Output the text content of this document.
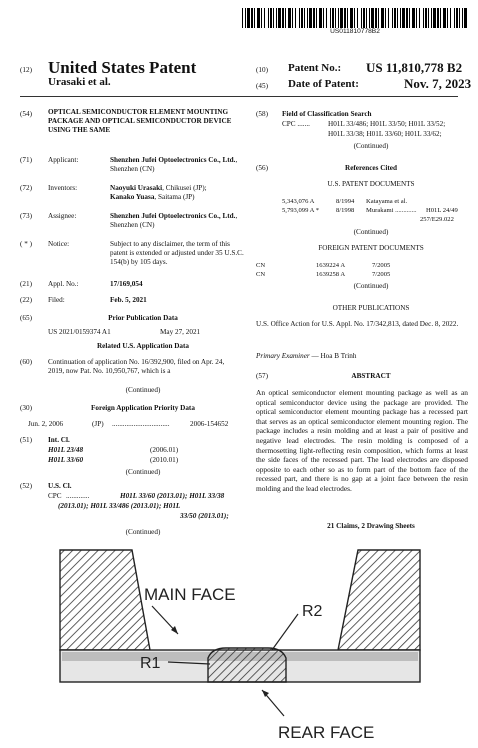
US011810778B2
(12) United States Patent
Urasaki et al.
(10) Patent No.: US 11,810,778 B2
(45) Date of Patent:	Nov. 7, 2023
(54) OPTICAL SEMICONDUCTOR ELEMENT MOUNTING PACKAGE AND OPTICAL SEMICONDUCTOR DEVICE USING THE SAME
(71) Applicant:	Shenzhen Jufei Optoelectronics Co., Ltd., Shenzhen (CN)
(72) Inventors:	Naoyuki Urasaki, Chikusei (JP);
Kanako Yuasa, Saitama (JP)
(73) Assignee:	Shenzhen Jufei Optoelectronics Co., Ltd., Shenzhen (CN)
( * ) Notice:	Subject to any disclaimer, the term of this patent is extended or adjusted under 35 U.S.C. 154(b) by 105 days.
(21) Appl. No.:	17/169,054
(22) Filed:	Feb. 5, 2021
(65)	Prior Publication Data
US 2021/0159374 A1	May 27, 2021
Related U.S. Application Data
(60) Continuation of application No. 16/392,900, filed on Apr. 24, 2019, now Pat. No. 10,950,767, which is a
(Continued)
(30)	Foreign Application Priority Data
Jun. 2, 2006	(JP) ................................	2006-154652
(51) Int. Cl.
H01L 23/48	(2006.01)
H01L 33/60	(2010.01)
(Continued)
(52) U.S. Cl.
CPC .............	H01L 33/60 (2013.01); H01L 33/38
(2013.01); H01L 33/486 (2013.01); H01L
33/50 (2013.01);
(Continued)
(58) Field of Classification Search
CPC .......	H01L 33/486; H01L 33/50; H01L 33/52;
H01L 33/38; H01L 33/60; H01L 33/62;
(Continued)
(56)	References Cited
U.S. PATENT DOCUMENTS
5,343,076 A	8/1994 Katayama et al.
5,793,099 A *	8/1998 Murakami ............. H01L 24/49
257/E29.022
(Continued)
FOREIGN PATENT DOCUMENTS
CN	1639224 A	7/2005
CN	1639258 A	7/2005
(Continued)
OTHER PUBLICATIONS
U.S. Office Action for U.S. Appl. No. 17/342,813, dated Dec. 8, 2022.
Primary Examiner — Hoa B Trinh
(57)	ABSTRACT
An optical semiconductor element mounting package as well as an optical semiconductor device using the package are provided. The optical semiconductor element mounting package has a recessed part that serves as an optical semiconductor element mounting region. The package includes a resin molding and at least a pair of positive and negative lead electrodes. The resin molding is composed of a thermosetting light-reflecting resin composition, which forms at least the side faces of the recessed part. The lead electrodes are disposed opposite to each other so as to form part of the bottom face of the recessed part, and there is no gap at a joint face between the resin molding and the lead electrodes.
21 Claims, 2 Drawing Sheets
MAIN FACE
R2
R1
REAR FACE
